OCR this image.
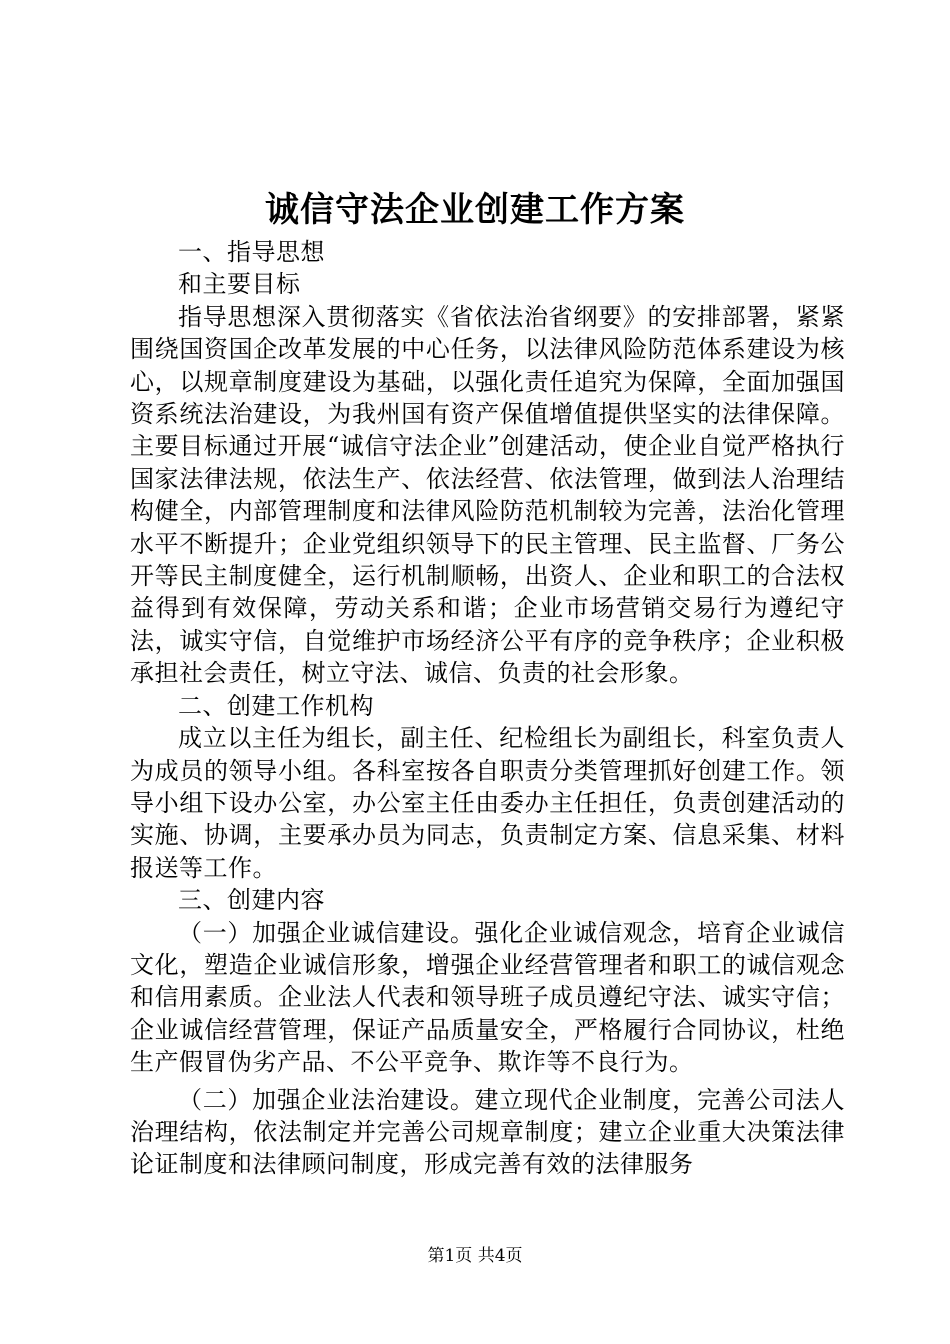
诚信守法企业创建工作方案

一、指导思想

和主要目标

指导思想深入贯彻落实《省依法治省纲要》的安排部署，紧紧围绕国资国企改革发展的中心任务，以法律风险防范体系建设为核心，以规章制度建设为基础，以强化责任追究为保障，全面加强国资系统法治建设，为我州国有资产保值增值提供坚实的法律保障。主要目标通过开展“诚信守法企业”创建活动，使企业自觉严格执行国家法律法规，依法生产、依法经营、依法管理，做到法人治理结构健全，内部管理制度和法律风险防范机制较为完善，法治化管理水平不断提升；企业党组织领导下的民主管理、民主监督、厂务公开等民主制度健全，运行机制顺畅，出资人、企业和职工的合法权益得到有效保障，劳动关系和谐；企业市场营销交易行为遵纪守法，诚实守信，自觉维护市场经济公平有序的竞争秩序；企业积极承担社会责任，树立守法、诚信、负责的社会形象。

二、创建工作机构

成立以主任为组长，副主任、纪检组长为副组长，科室负责人为成员的领导小组。各科室按各自职责分类管理抓好创建工作。领导小组下设办公室，办公室主任由委办主任担任，负责创建活动的实施、协调，主要承办员为同志，负责制定方案、信息采集、材料报送等工作。

三、创建内容

（一）加强企业诚信建设。强化企业诚信观念，培育企业诚信文化，塑造企业诚信形象，增强企业经营管理者和职工的诚信观念和信用素质。企业法人代表和领导班子成员遵纪守法、诚实守信；企业诚信经营管理，保证产品质量安全，严格履行合同协议，杜绝生产假冒伪劣产品、不公平竞争、欺诈等不良行为。

（二）加强企业法治建设。建立现代企业制度，完善公司法人治理结构，依法制定并完善公司规章制度；建立企业重大决策法律论证制度和法律顾问制度，形成完善有效的法律服务

第1页 共4页
